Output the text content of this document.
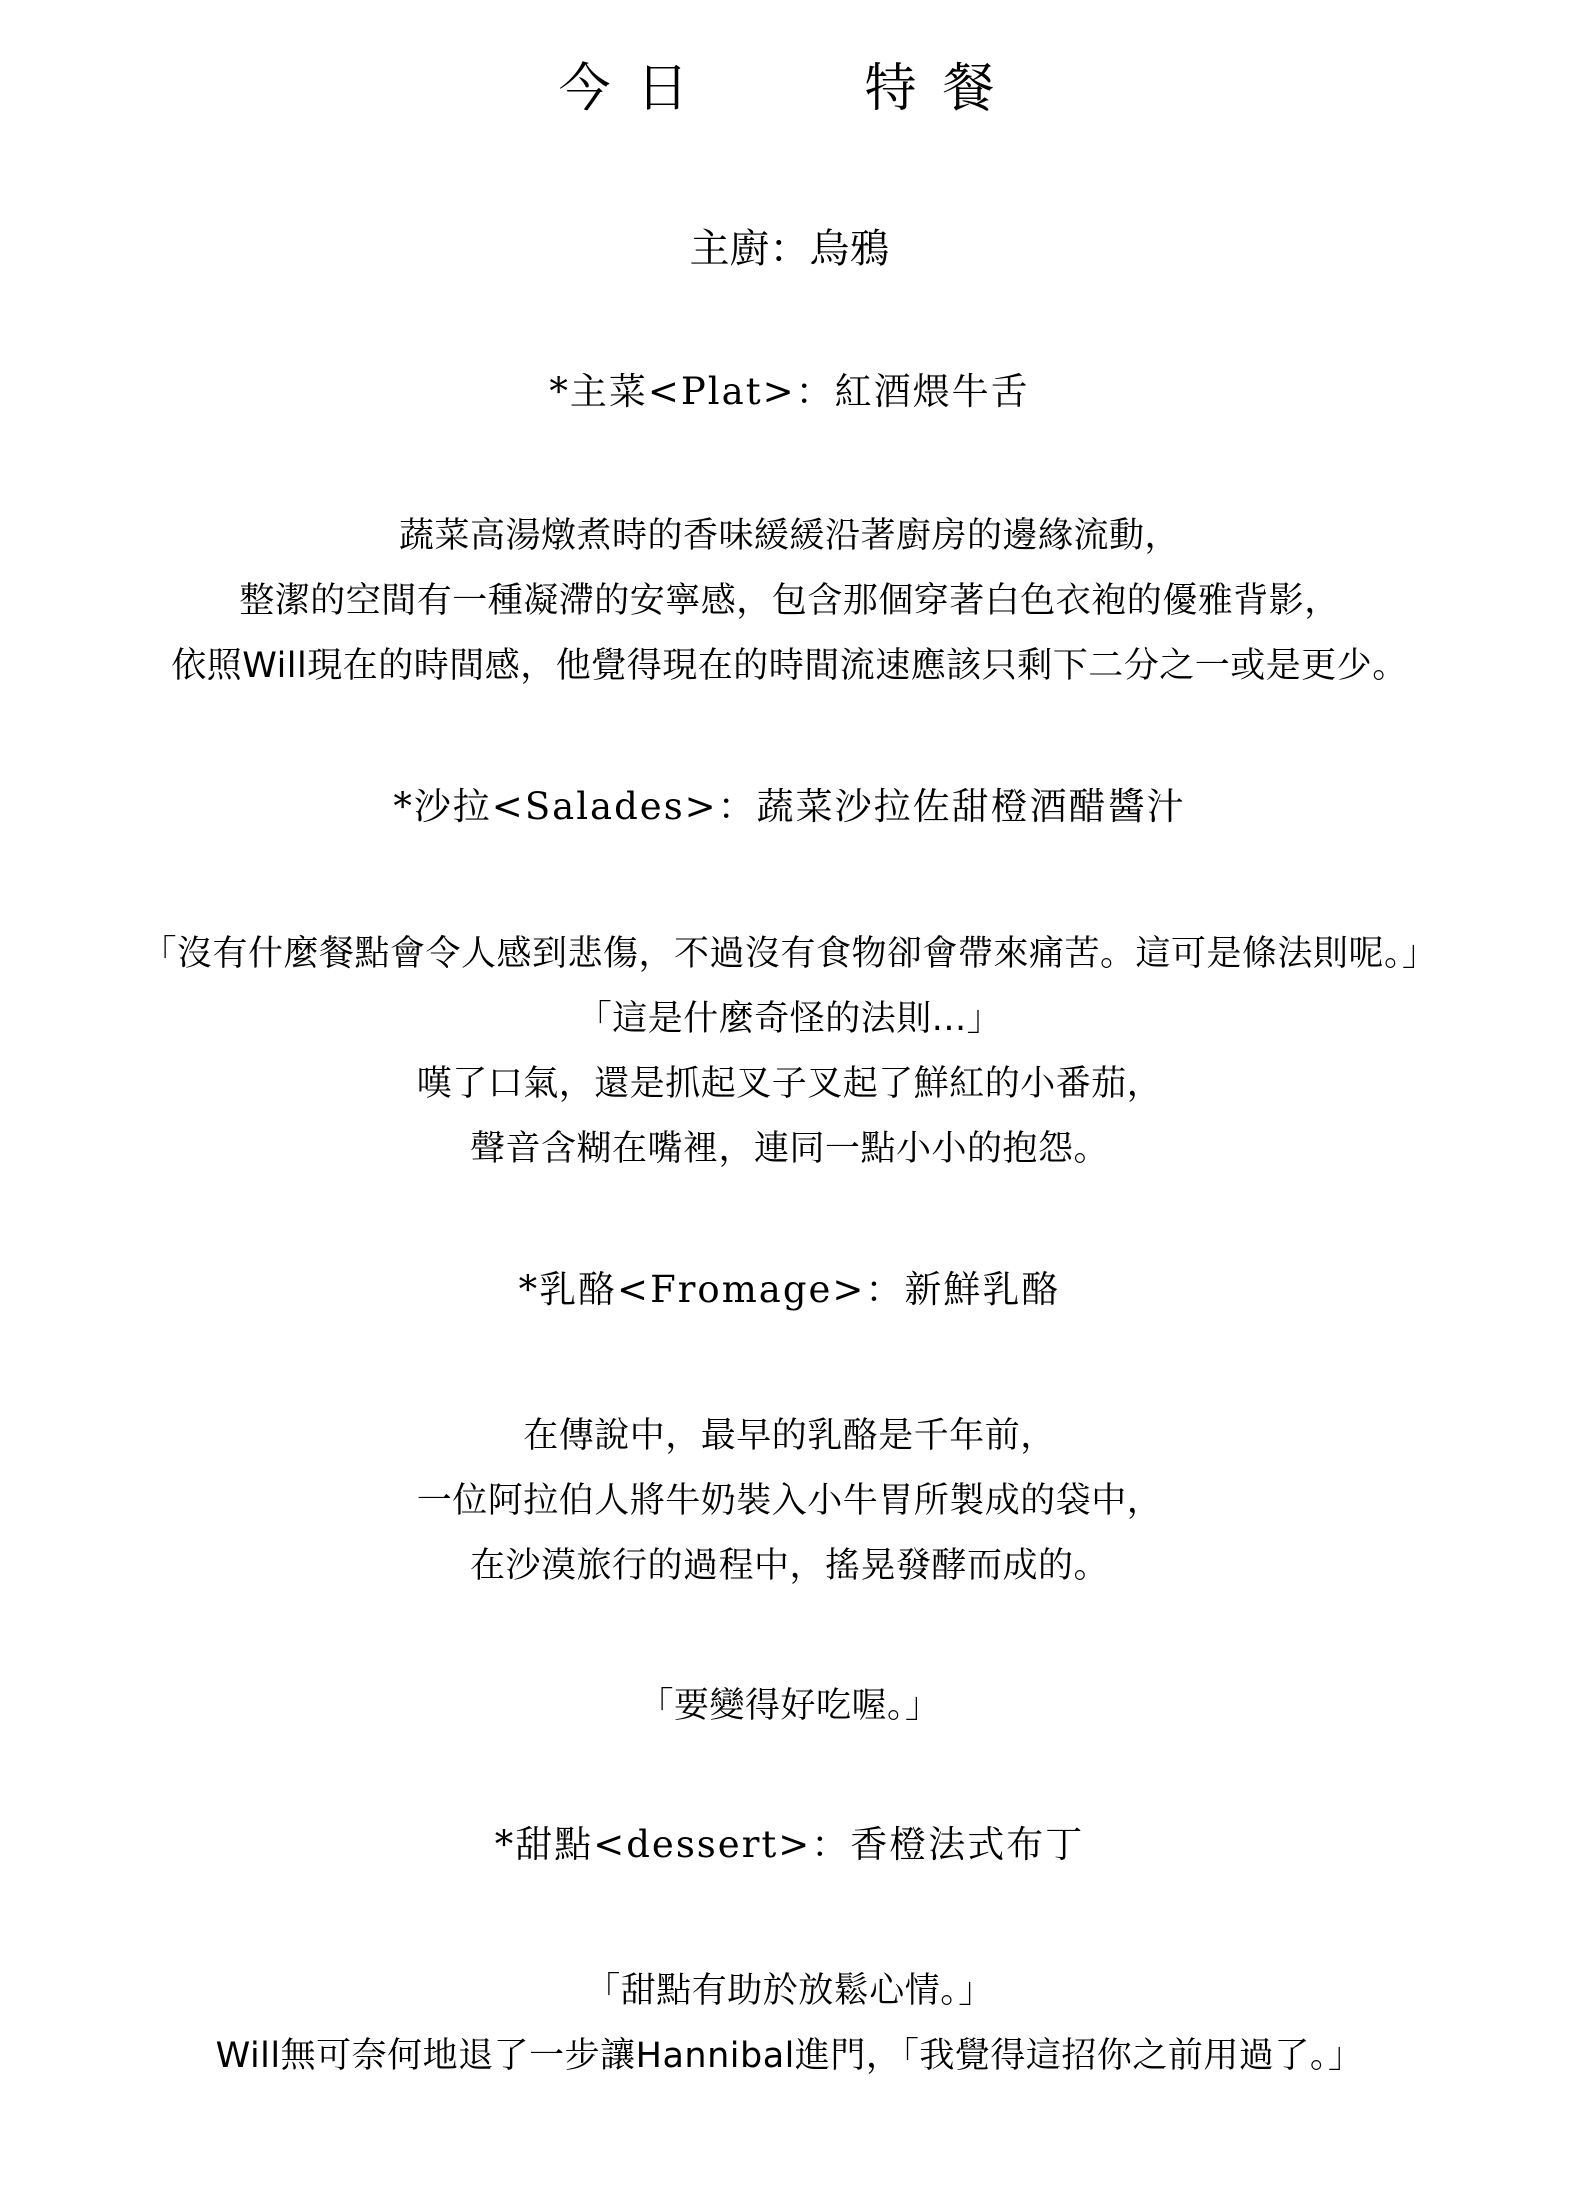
今日	特餐
主廚：烏鴉
*主菜<Plat>：紅酒煨牛舌
蔬菜高湯燉煮時的香味緩緩沿著廚房的邊緣流動，
整潔的空間有一種凝滯的安寧感，包含那個穿著白色衣袍的優雅背影，
依照Will現在的時間感，他覺得現在的時間流速應該只剩下二分之一或是更少。
*沙拉<Salades>：蔬菜沙拉佐甜橙酒醋醬汁
「沒有什麼餐點會令人感到悲傷，不過沒有食物卻會帶來痛苦。這可是條法則呢。」
「這是什麼奇怪的法則...」
嘆了口氣，還是抓起叉子叉起了鮮紅的小番茄，
聲音含糊在嘴裡，連同一點小小的抱怨。
*乳酪<Fromage>：新鮮乳酪
在傳說中，最早的乳酪是千年前，
一位阿拉伯人將牛奶裝入小牛胃所製成的袋中，
在沙漠旅行的過程中，搖晃發酵而成的。
「要變得好吃喔。」
*甜點<dessert>：香橙法式布丁
「甜點有助於放鬆心情。」
Will無可奈何地退了一步讓Hannibal進門，「我覺得這招你之前用過了。」
